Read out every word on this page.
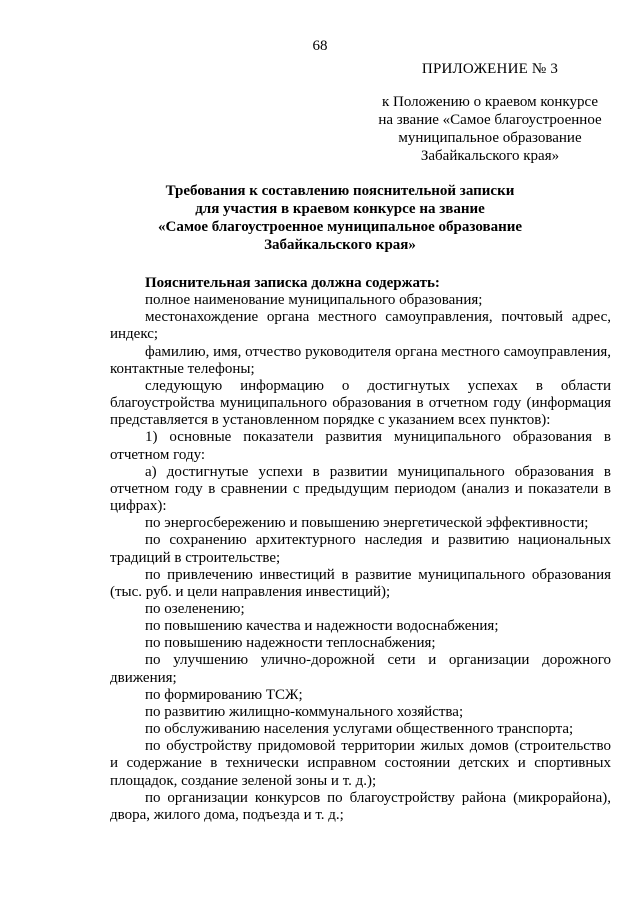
68
ПРИЛОЖЕНИЕ № 3
к Положению о краевом конкурсе
на звание «Самое благоустроенное
муниципальное образование
Забайкальского края»
Требования к составлению пояснительной записки
для участия в краевом конкурсе на звание
«Самое благоустроенное муниципальное образование
Забайкальского края»

Пояснительная записка должна содержать:

полное наименование муниципального образования;

местонахождение органа местного самоуправления, почтовый адрес, индекс;

фамилию, имя, отчество руководителя органа местного самоуправления, контактные телефоны;

следующую информацию о достигнутых успехах в области благоустройства муниципального образования в отчетном году (информация представляется в установленном порядке с указанием всех пунктов):

1) основные показатели развития муниципального образования в отчетном году:

а) достигнутые успехи в развитии муниципального образования в отчетном году в сравнении с предыдущим периодом (анализ и показатели в цифрах):

по энергосбережению и повышению энергетической эффективности;

по сохранению архитектурного наследия и развитию национальных традиций в строительстве;

по привлечению инвестиций в развитие муниципального образования (тыс. руб. и цели направления инвестиций);

по озеленению;

по повышению качества и надежности водоснабжения;

по повышению надежности теплоснабжения;

по улучшению улично-дорожной сети и организации дорожного движения;

по формированию ТСЖ;

по развитию жилищно-коммунального хозяйства;

по обслуживанию населения услугами общественного транспорта;

по обустройству придомовой территории жилых домов (строительство и содержание в технически исправном состоянии детских и спортивных площадок, создание зеленой зоны и т. д.);

по организации конкурсов по благоустройству района (микрорайона), двора, жилого дома, подъезда и т. д.;
